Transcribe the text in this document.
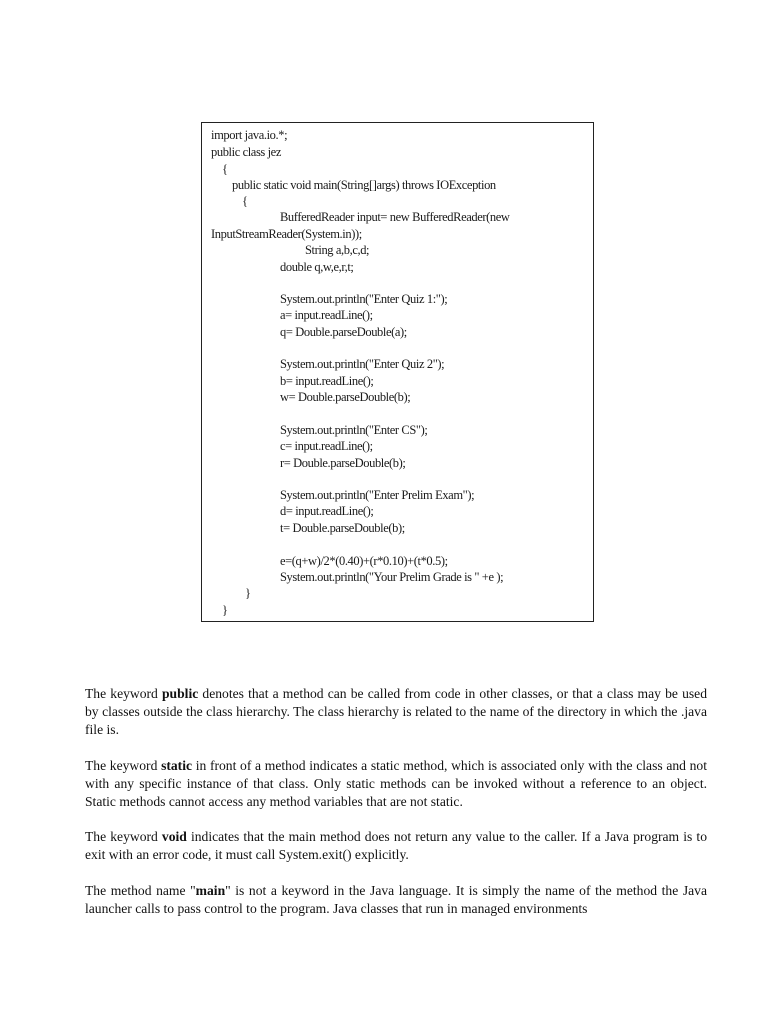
import java.io.*;
public class jez
{
public static void main(String[]args) throws IOException
{
BufferedReader input= new BufferedReader(new
InputStreamReader(System.in));
String a,b,c,d;
double q,w,e,r,t;
System.out.println("Enter Quiz 1:");
a= input.readLine();
q= Double.parseDouble(a);
System.out.println("Enter Quiz 2");
b= input.readLine();
w= Double.parseDouble(b);
System.out.println("Enter CS");
c= input.readLine();
r= Double.parseDouble(b);
System.out.println("Enter Prelim Exam");
d= input.readLine();
t= Double.parseDouble(b);
e=(q+w)/2*(0.40)+(r*0.10)+(t*0.5);
System.out.println("Your Prelim Grade is " +e );
}
}

The keyword public denotes that a method can be called from code in other classes, or that a class may be used by classes outside the class hierarchy. The class hierarchy is related to the name of the directory in which the .java file is.

The keyword static in front of a method indicates a static method, which is associated only with the class and not with any specific instance of that class. Only static methods can be invoked without a reference to an object. Static methods cannot access any method variables that are not static.

The keyword void indicates that the main method does not return any value to the caller. If a Java program is to exit with an error code, it must call System.exit() explicitly.

The method name "main" is not a keyword in the Java language. It is simply the name of the method the Java launcher calls to pass control to the program. Java classes that run in managed environments
